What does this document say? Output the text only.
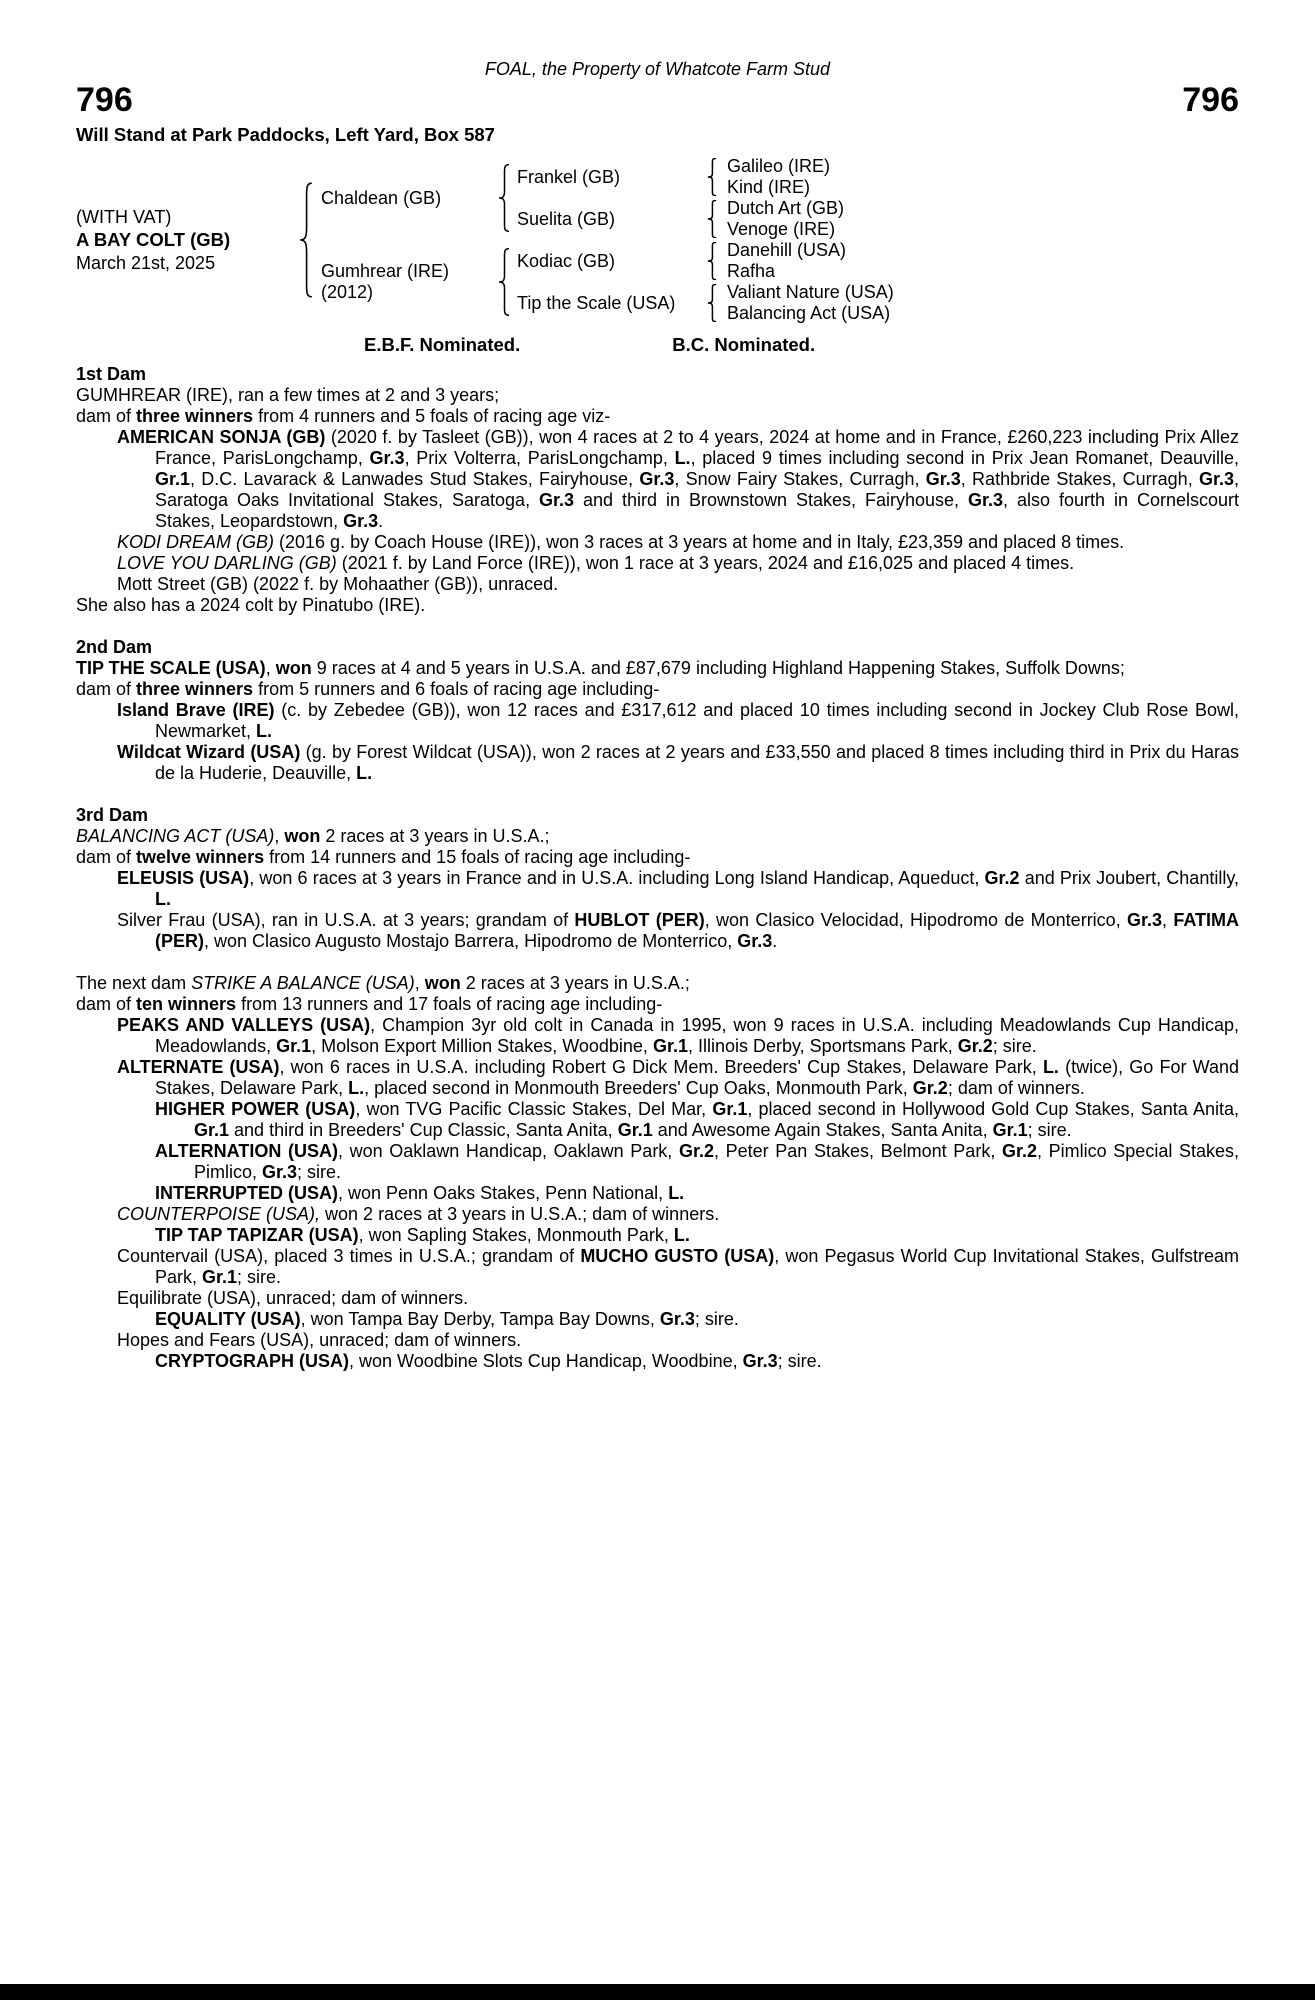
FOAL, the Property of Whatcote Farm Stud
796	796
Will Stand at Park Paddocks, Left Yard, Box 587
(WITH VAT)
A BAY COLT (GB)
March 21st, 2025
Chaldean (GB)
Gumhrear (IRE)
(2012)
Frankel (GB)
Suelita (GB)
Kodiac (GB)
Tip the Scale (USA)
Galileo (IRE)
Kind (IRE)
Dutch Art (GB)
Venoge (IRE)
Danehill (USA)
Rafha
Valiant Nature (USA)
Balancing Act (USA)
E.B.F. Nominated.	B.C. Nominated.
1st Dam

GUMHREAR (IRE), ran a few times at 2 and 3 years;

dam of three winners from 4 runners and 5 foals of racing age viz-

AMERICAN SONJA (GB) (2020 f. by Tasleet (GB)), won 4 races at 2 to 4 years, 2024 at home and in France, £260,223 including Prix Allez France, ParisLongchamp, Gr.3, Prix Volterra, ParisLongchamp, L., placed 9 times including second in Prix Jean Romanet, Deauville, Gr.1, D.C. Lavarack & Lanwades Stud Stakes, Fairyhouse, Gr.3, Snow Fairy Stakes, Curragh, Gr.3, Rathbride Stakes, Curragh, Gr.3, Saratoga Oaks Invitational Stakes, Saratoga, Gr.3 and third in Brownstown Stakes, Fairyhouse, Gr.3, also fourth in Cornelscourt Stakes, Leopardstown, Gr.3.

KODI DREAM (GB) (2016 g. by Coach House (IRE)), won 3 races at 3 years at home and in Italy, £23,359 and placed 8 times.

LOVE YOU DARLING (GB) (2021 f. by Land Force (IRE)), won 1 race at 3 years, 2024 and £16,025 and placed 4 times.

Mott Street (GB) (2022 f. by Mohaather (GB)), unraced.

She also has a 2024 colt by Pinatubo (IRE).

2nd Dam

TIP THE SCALE (USA), won 9 races at 4 and 5 years in U.S.A. and £87,679 including Highland Happening Stakes, Suffolk Downs;

dam of three winners from 5 runners and 6 foals of racing age including-

Island Brave (IRE) (c. by Zebedee (GB)), won 12 races and £317,612 and placed 10 times including second in Jockey Club Rose Bowl, Newmarket, L.

Wildcat Wizard (USA) (g. by Forest Wildcat (USA)), won 2 races at 2 years and £33,550 and placed 8 times including third in Prix du Haras de la Huderie, Deauville, L.

3rd Dam

BALANCING ACT (USA), won 2 races at 3 years in U.S.A.;

dam of twelve winners from 14 runners and 15 foals of racing age including-

ELEUSIS (USA), won 6 races at 3 years in France and in U.S.A. including Long Island Handicap, Aqueduct, Gr.2 and Prix Joubert, Chantilly, L.

Silver Frau (USA), ran in U.S.A. at 3 years; grandam of HUBLOT (PER), won Clasico Velocidad, Hipodromo de Monterrico, Gr.3, FATIMA (PER), won Clasico Augusto Mostajo Barrera, Hipodromo de Monterrico, Gr.3.

The next dam STRIKE A BALANCE (USA), won 2 races at 3 years in U.S.A.;

dam of ten winners from 13 runners and 17 foals of racing age including-

PEAKS AND VALLEYS (USA), Champion 3yr old colt in Canada in 1995, won 9 races in U.S.A. including Meadowlands Cup Handicap, Meadowlands, Gr.1, Molson Export Million Stakes, Woodbine, Gr.1, Illinois Derby, Sportsmans Park, Gr.2; sire.

ALTERNATE (USA), won 6 races in U.S.A. including Robert G Dick Mem. Breeders' Cup Stakes, Delaware Park, L. (twice), Go For Wand Stakes, Delaware Park, L., placed second in Monmouth Breeders' Cup Oaks, Monmouth Park, Gr.2; dam of winners.

HIGHER POWER (USA), won TVG Pacific Classic Stakes, Del Mar, Gr.1, placed second in Hollywood Gold Cup Stakes, Santa Anita, Gr.1 and third in Breeders' Cup Classic, Santa Anita, Gr.1 and Awesome Again Stakes, Santa Anita, Gr.1; sire.

ALTERNATION (USA), won Oaklawn Handicap, Oaklawn Park, Gr.2, Peter Pan Stakes, Belmont Park, Gr.2, Pimlico Special Stakes, Pimlico, Gr.3; sire.

INTERRUPTED (USA), won Penn Oaks Stakes, Penn National, L.

COUNTERPOISE (USA), won 2 races at 3 years in U.S.A.; dam of winners.

TIP TAP TAPIZAR (USA), won Sapling Stakes, Monmouth Park, L.

Countervail (USA), placed 3 times in U.S.A.; grandam of MUCHO GUSTO (USA), won Pegasus World Cup Invitational Stakes, Gulfstream Park, Gr.1; sire.

Equilibrate (USA), unraced; dam of winners.

EQUALITY (USA), won Tampa Bay Derby, Tampa Bay Downs, Gr.3; sire.

Hopes and Fears (USA), unraced; dam of winners.

CRYPTOGRAPH (USA), won Woodbine Slots Cup Handicap, Woodbine, Gr.3; sire.
